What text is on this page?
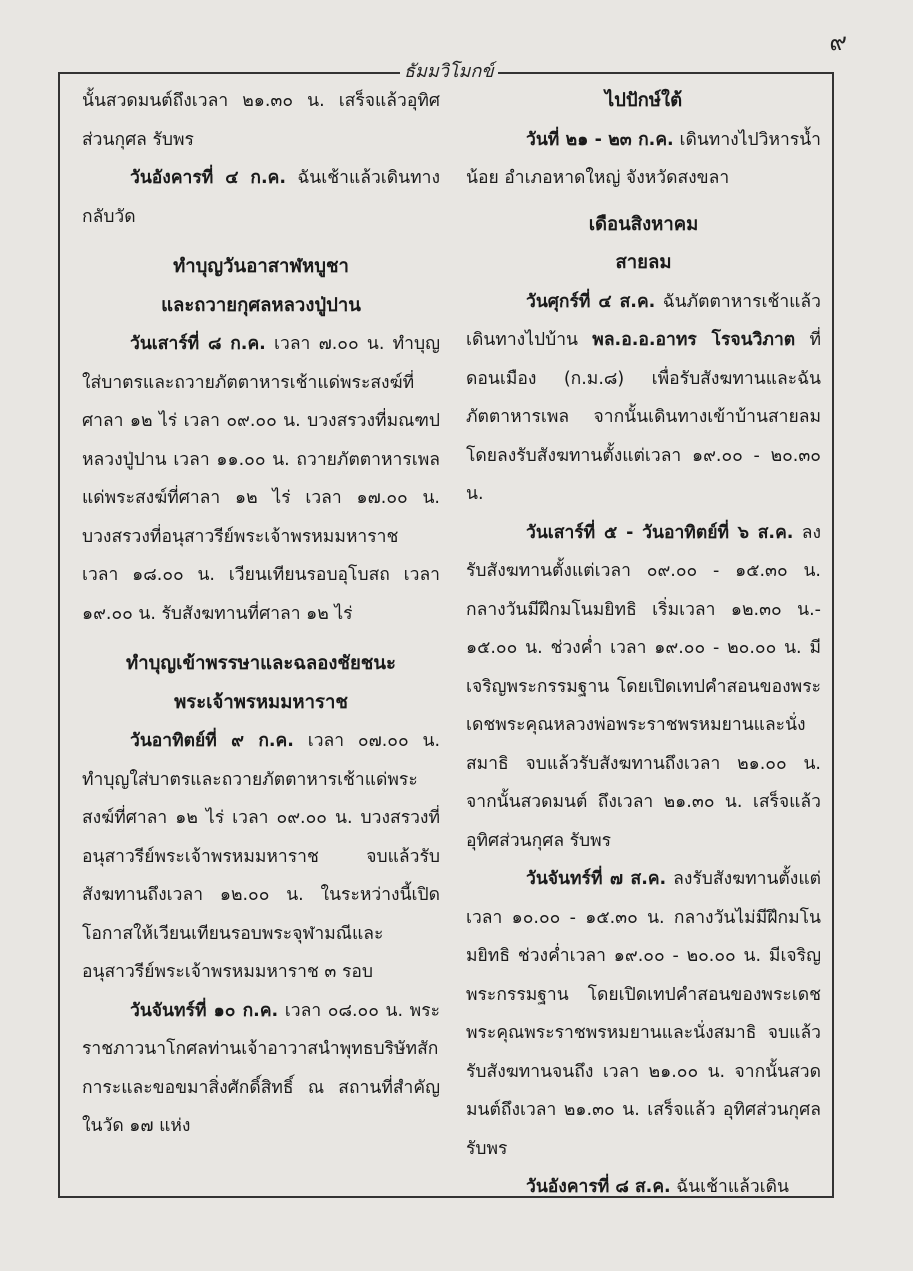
๙
ธัมมวิโมกข์

นั้นสวดมนต์ถึงเวลา ๒๑.๓๐ น. เสร็จแล้วอุทิศส่วนกุศล รับพร

วันอังคารที่ ๔ ก.ค. ฉันเช้าแล้วเดินทางกลับวัด

ทำบุญวันอาสาฬหบูชา

และถวายกุศลหลวงปู่ปาน

วันเสาร์ที่ ๘ ก.ค. เวลา ๗.๐๐ น. ทำบุญใส่บาตรและถวายภัตตาหารเช้าแด่พระสงฆ์ที่ศาลา ๑๒ ไร่ เวลา ๐๙.๐๐ น. บวงสรวงที่มณฑปหลวงปู่ปาน เวลา ๑๑.๐๐ น. ถวายภัตตาหารเพลแด่พระสงฆ์ที่ศาลา ๑๒ ไร่ เวลา ๑๗.๐๐ น. บวงสรวงที่อนุสาวรีย์พระเจ้าพรหมมหาราช เวลา ๑๘.๐๐ น. เวียนเทียนรอบอุโบสถ เวลา ๑๙.๐๐ น. รับสังฆทานที่ศาลา ๑๒ ไร่

ทำบุญเข้าพรรษาและฉลองชัยชนะ

พระเจ้าพรหมมหาราช

วันอาทิตย์ที่ ๙ ก.ค. เวลา ๐๗.๐๐ น. ทำบุญใส่บาตรและถวายภัตตาหารเช้าแด่พระสงฆ์ที่ศาลา ๑๒ ไร่ เวลา ๐๙.๐๐ น. บวงสรวงที่อนุสาวรีย์พระเจ้าพรหมมหาราช จบแล้วรับสังฆทานถึงเวลา ๑๒.๐๐ น. ในระหว่างนี้เปิดโอกาสให้เวียนเทียนรอบพระจุฬามณีและอนุสาวรีย์พระเจ้าพรหมมหาราช ๓ รอบ

วันจันทร์ที่ ๑๐ ก.ค. เวลา ๐๘.๐๐ น. พระราชภาวนาโกศลท่านเจ้าอาวาสนำพุทธบริษัทสักการะและขอขมาสิ่งศักดิ์สิทธิ์ ณ สถานที่สำคัญในวัด ๑๗ แห่ง

ไปปักษ์ใต้

วันที่ ๒๑ - ๒๓ ก.ค. เดินทางไปวิหารน้ำน้อย อำเภอหาดใหญ่ จังหวัดสงขลา

เดือนสิงหาคม

สายลม

วันศุกร์ที่ ๔ ส.ค. ฉันภัตตาหารเช้าแล้ว เดินทางไปบ้าน พล.อ.อ.อาทร โรจนวิภาต ที่ดอนเมือง (ก.ม.๘) เพื่อรับสังฆทานและฉันภัตตาหารเพล จากนั้นเดินทางเข้าบ้านสายลม โดยลงรับสังฆทานตั้งแต่เวลา ๑๙.๐๐ - ๒๐.๓๐ น.

วันเสาร์ที่ ๕ - วันอาทิตย์ที่ ๖ ส.ค. ลงรับสังฆทานตั้งแต่เวลา ๐๙.๐๐ - ๑๕.๓๐ น. กลางวันมีฝึกมโนมยิทธิ เริ่มเวลา ๑๒.๓๐ น.- ๑๕.๐๐ น. ช่วงค่ำ เวลา ๑๙.๐๐ - ๒๐.๐๐ น. มีเจริญพระกรรมฐาน โดยเปิดเทปคำสอนของพระเดชพระคุณหลวงพ่อพระราชพรหมยานและนั่งสมาธิ จบแล้วรับสังฆทานถึงเวลา ๒๑.๐๐ น. จากนั้นสวดมนต์ ถึงเวลา ๒๑.๓๐ น. เสร็จแล้ว อุทิศส่วนกุศล รับพร

วันจันทร์ที่ ๗ ส.ค. ลงรับสังฆทานตั้งแต่เวลา ๑๐.๐๐ - ๑๕.๓๐ น. กลางวันไม่มีฝึกมโนมยิทธิ ช่วงค่ำเวลา ๑๙.๐๐ - ๒๐.๐๐ น. มีเจริญพระกรรมฐาน โดยเปิดเทปคำสอนของพระเดชพระคุณพระราชพรหมยานและนั่งสมาธิ จบแล้วรับสังฆทานจนถึง เวลา ๒๑.๐๐ น. จากนั้นสวดมนต์ถึงเวลา ๒๑.๓๐ น. เสร็จแล้ว อุทิศส่วนกุศล รับพร

วันอังคารที่ ๘ ส.ค. ฉันเช้าแล้วเดิน
